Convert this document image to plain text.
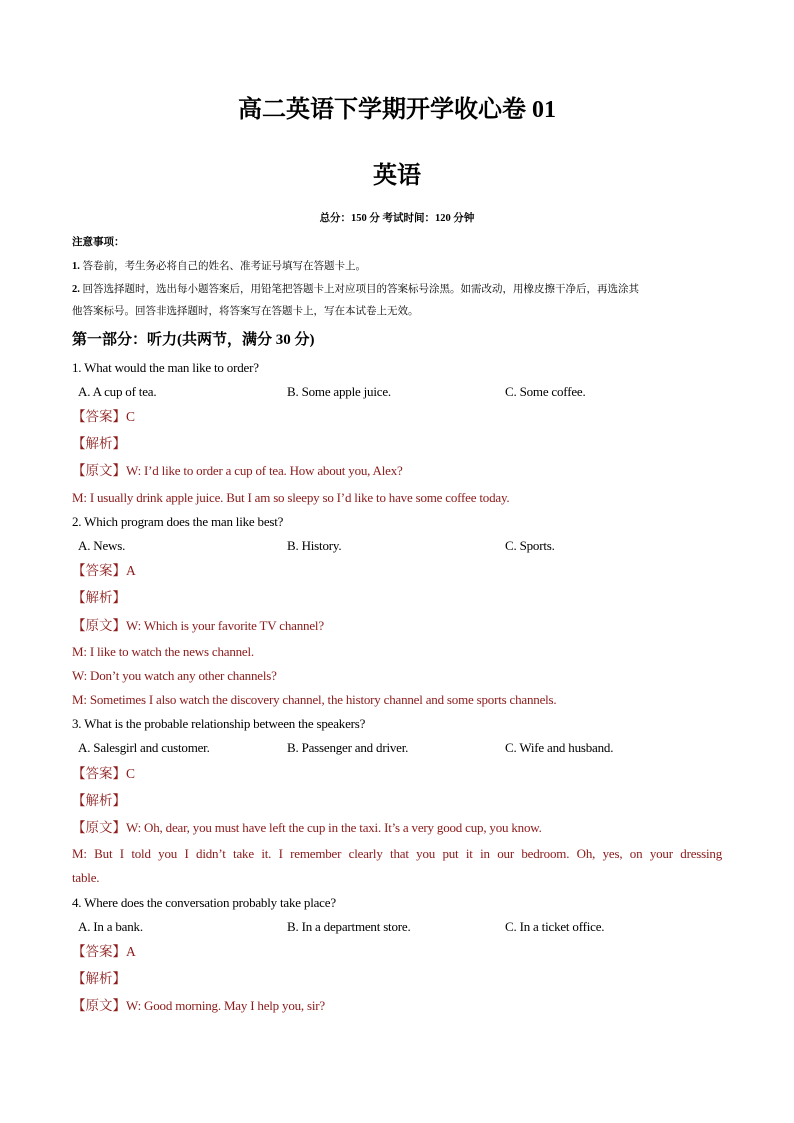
高二英语下学期开学收心卷 01
英语
总分：150 分 考试时间：120 分钟
注意事项：
1. 答卷前，考生务必将自己的姓名、准考证号填写在答题卡上。
2. 回答选择题时，选出每小题答案后，用铅笔把答题卡上对应项目的答案标号涂黑。如需改动，用橡皮擦干净后，再选涂其
他答案标号。回答非选择题时，将答案写在答题卡上，写在本试卷上无效。
第一部分：听力(共两节，满分 30 分)
1. What would the man like to order?
A. A cup of tea.	B. Some apple juice.	C. Some coffee.
【答案】C
【解析】
【原文】W: I’d like to order a cup of tea. How about you, Alex?
M: I usually drink apple juice. But I am so sleepy so I’d like to have some coffee today.
2. Which program does the man like best?
A. News.	B. History.	C. Sports.
【答案】A
【解析】
【原文】W: Which is your favorite TV channel?
M: I like to watch the news channel.
W: Don’t you watch any other channels?
M: Sometimes I also watch the discovery channel, the history channel and some sports channels.
3. What is the probable relationship between the speakers?
A. Salesgirl and customer.	B. Passenger and driver.	C. Wife and husband.
【答案】C
【解析】
【原文】W: Oh, dear, you must have left the cup in the taxi. It’s a very good cup, you know.
M: But I told you I didn’t take it. I remember clearly that you put it in our bedroom. Oh, yes, on your dressing
table.
4. Where does the conversation probably take place?
A. In a bank.	B. In a department store.	C. In a ticket office.
【答案】A
【解析】
【原文】W: Good morning. May I help you, sir?
